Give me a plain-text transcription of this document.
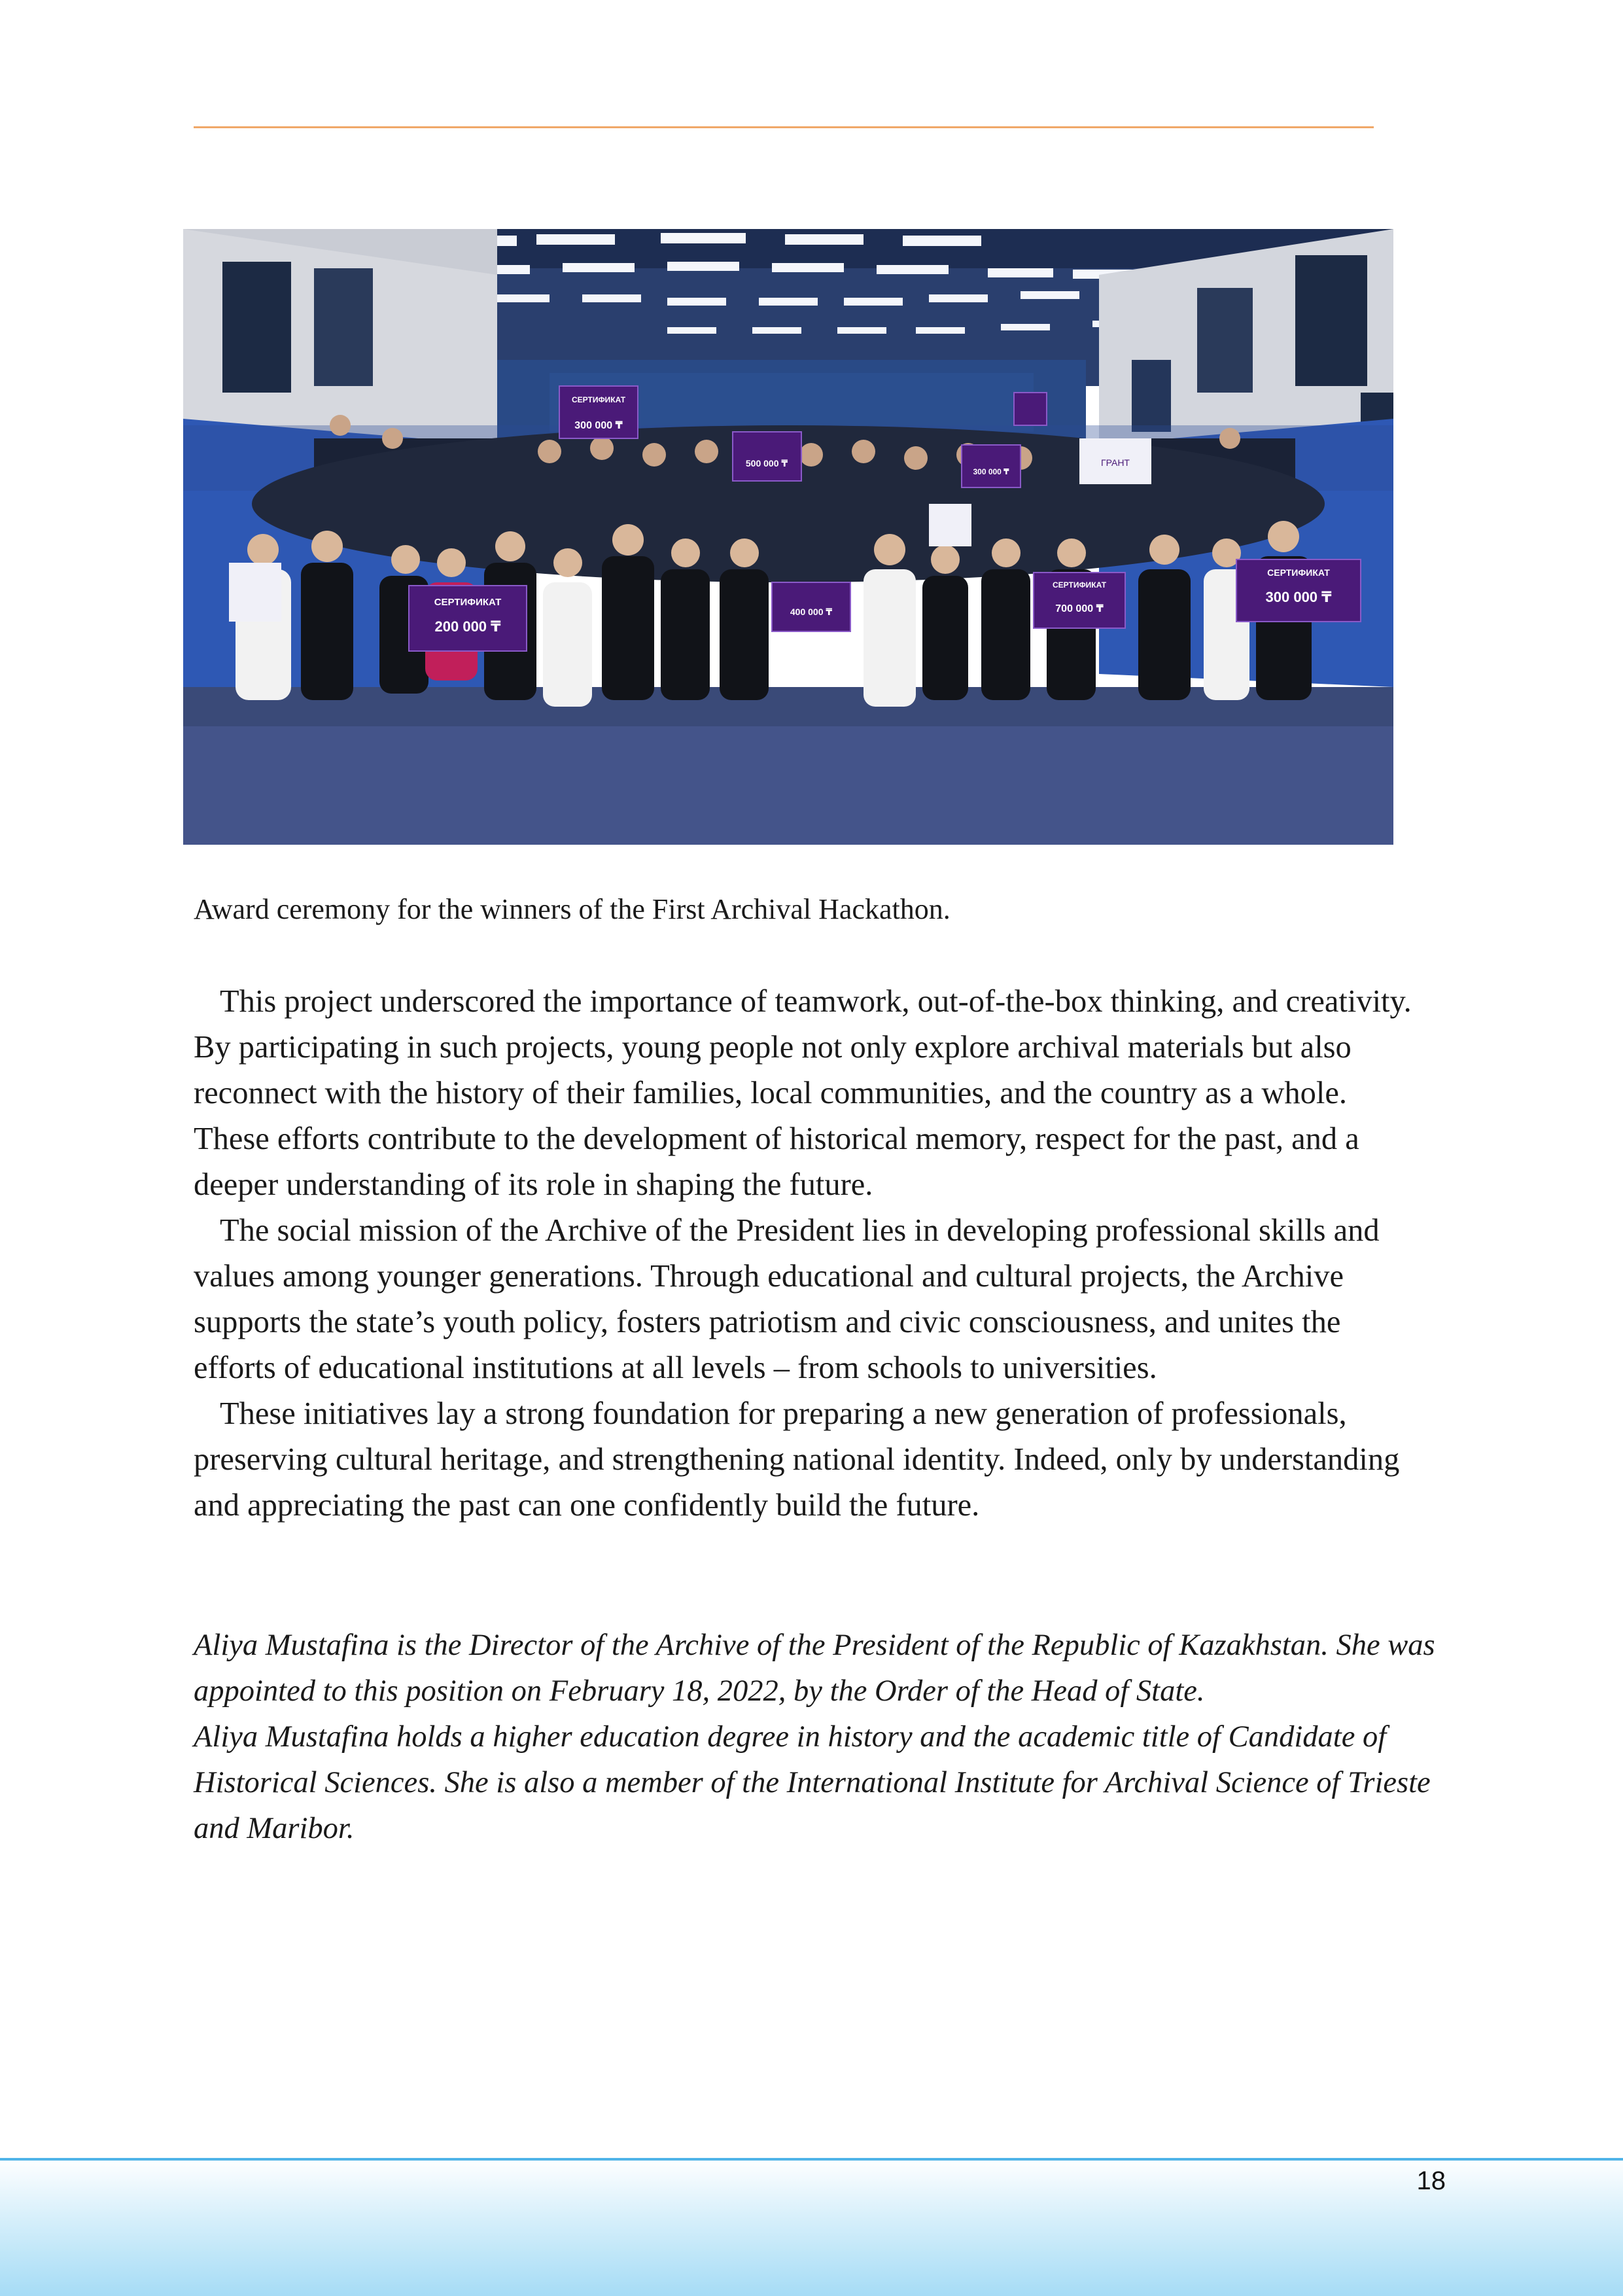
СЕРТИФИКАТ
300 000 ₸
500 000 ₸
300 000 ₸
СЕРТИФИКАТ
200 000 ₸
400 000 ₸
СЕРТИФИКАТ
700 000 ₸
СЕРТИФИКАТ
300 000 ₸
ГРАНТ
Award ceremony for the winners of the First Archival Hackathon.

This project underscored the importance of teamwork, out-of-the-box thinking, and creativity. By participating in such projects, young people not only explore archival materials but also reconnect with the history of their families, local communities, and the country as a whole. These efforts contribute to the development of historical memory, respect for the past, and a deeper understanding of its role in shaping the future.

The social mission of the Archive of the President lies in developing professional skills and values among younger generations. Through educational and cultural projects, the Archive supports the state’s youth policy, fosters patriotism and civic consciousness, and unites the efforts of educational institutions at all levels – from schools to universities.

These initiatives lay a strong foundation for preparing a new generation of professionals, preserving cultural heritage, and strengthening national identity. Indeed, only by understanding and appreciating the past can one confidently build the future.

Aliya Mustafina is the Director of the Archive of the President of the Republic of Kazakhstan. She was appointed to this position on February 18, 2022, by the Order of the Head of State.

Aliya Mustafina holds a higher education degree in history and the academic title of Candidate of Historical Sciences. She is also a member of the International Institute for Archival Science of Trieste and Maribor.

18
